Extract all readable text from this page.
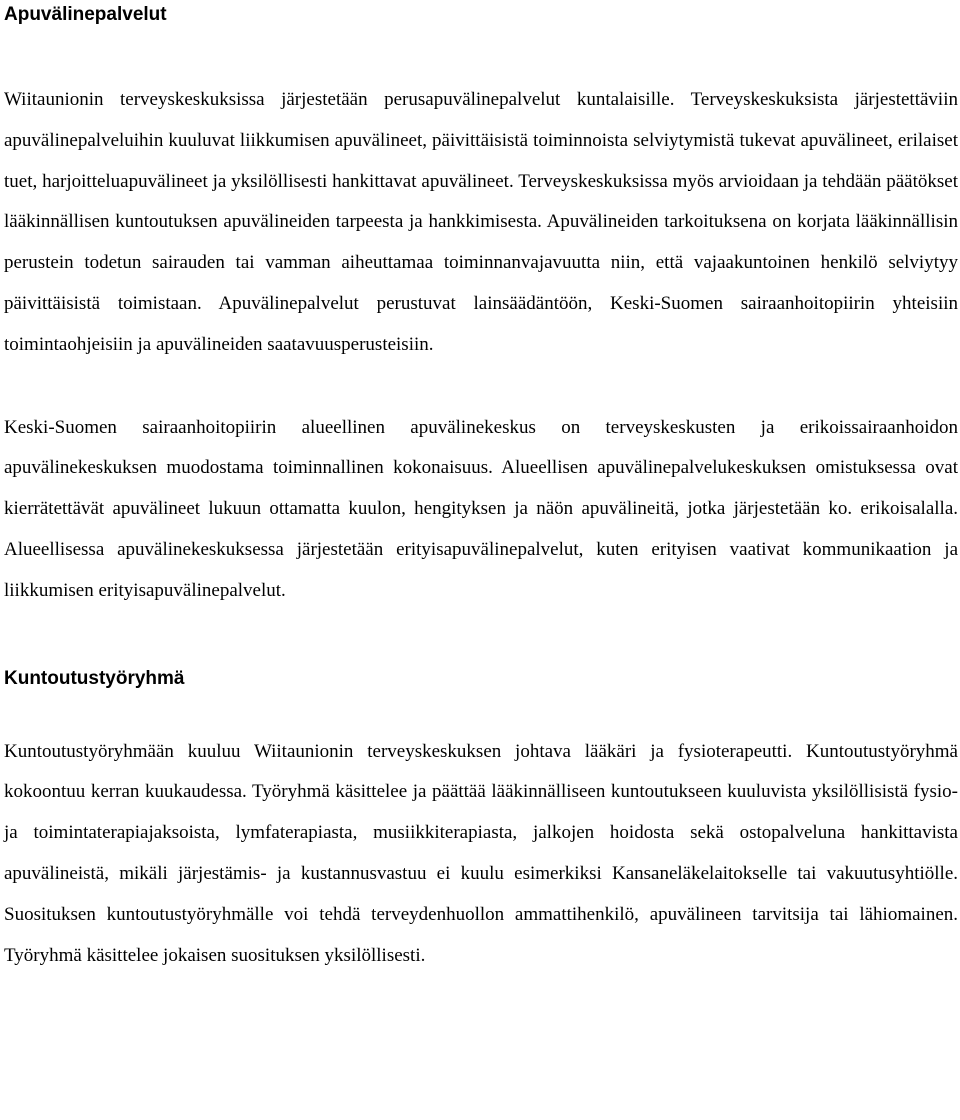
Apuvälinepalvelut

Wiitaunionin terveyskeskuksissa järjestetään perusapuvälinepalvelut kuntalaisille. Terveyskeskuksista järjestettäviin apuvälinepalveluihin kuuluvat liikkumisen apuvälineet, päivittäisistä toiminnoista selviytymistä tukevat apuvälineet, erilaiset tuet, harjoitteluapuvälineet ja yksilöllisesti hankittavat apuvälineet. Terveyskeskuksissa myös arvioidaan ja tehdään päätökset lääkinnällisen kuntoutuksen apuvälineiden tarpeesta ja hankkimisesta. Apuvälineiden tarkoituksena on korjata lääkinnällisin perustein todetun sairauden tai vamman aiheuttamaa toiminnanvajavuutta niin, että vajaakuntoinen henkilö selviytyy päivittäisistä toimistaan. Apuvälinepalvelut perustuvat lainsäädäntöön, Keski-Suomen sairaanhoitopiirin yhteisiin toimintaohjeisiin ja apuvälineiden saatavuusperusteisiin.

Keski-Suomen sairaanhoitopiirin alueellinen apuvälinekeskus on terveyskeskusten ja erikoissairaanhoidon apuvälinekeskuksen muodostama toiminnallinen kokonaisuus. Alueellisen apuvälinepalvelukeskuksen omistuksessa ovat kierrätettävät apuvälineet lukuun ottamatta kuulon, hengityksen ja näön apuvälineitä, jotka järjestetään ko. erikoisalalla. Alueellisessa apuvälinekeskuksessa järjestetään erityisapuvälinepalvelut, kuten erityisen vaativat kommunikaation ja liikkumisen erityisapuvälinepalvelut.

Kuntoutustyöryhmä

Kuntoutustyöryhmään kuuluu Wiitaunionin terveyskeskuksen johtava lääkäri ja fysioterapeutti. Kuntoutustyöryhmä kokoontuu kerran kuukaudessa. Työryhmä käsittelee ja päättää lääkinnälliseen kuntoutukseen kuuluvista yksilöllisistä fysio- ja toimintaterapiajaksoista, lymfaterapiasta, musiikkiterapiasta, jalkojen hoidosta sekä ostopalveluna hankittavista apuvälineistä, mikäli järjestämis- ja kustannusvastuu ei kuulu esimerkiksi Kansaneläkelaitokselle tai vakuutusyhtiölle. Suosituksen kuntoutustyöryhmälle voi tehdä terveydenhuollon ammattihenkilö, apuvälineen tarvitsija tai lähiomainen. Työryhmä käsittelee jokaisen suosituksen yksilöllisesti.
